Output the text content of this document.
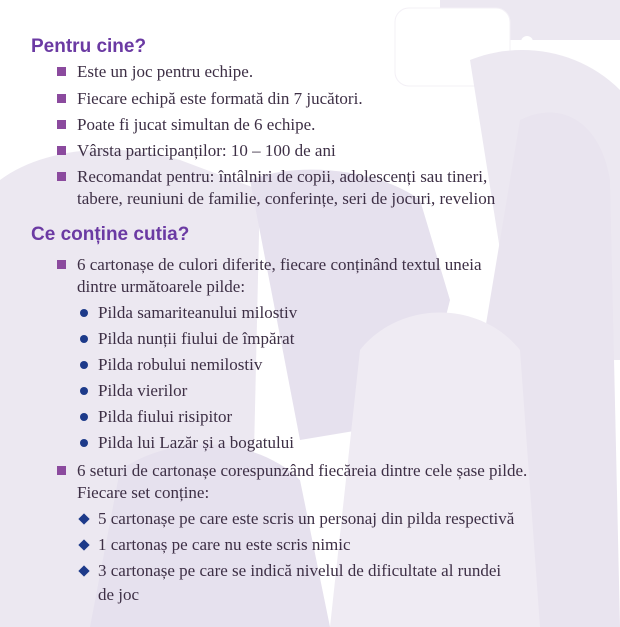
Pentru cine?
Este un joc pentru echipe.
Fiecare echipă este formată din 7 jucători.
Poate fi jucat simultan de 6 echipe.
Vârsta participanților: 10 – 100 de ani
Recomandat pentru: întâlniri de copii, adolescenți sau tineri,
tabere, reuniuni de familie, conferințe, seri de jocuri, revelion
Ce conține cutia?
6 cartonașe de culori diferite, fiecare conținând textul uneia
dintre următoarele pilde:
Pilda samariteanului milostiv
Pilda nunții fiului de împărat
Pilda robului nemilostiv
Pilda vierilor
Pilda fiului risipitor
Pilda lui Lazăr și a bogatului
6 seturi de cartonașe corespunzând fiecăreia dintre cele șase pilde.
Fiecare set conține:
5 cartonașe pe care este scris un personaj din pilda respectivă
1 cartonaș pe care nu este scris nimic
3 cartonașe pe care se indică nivelul de dificultate al rundei
de joc
